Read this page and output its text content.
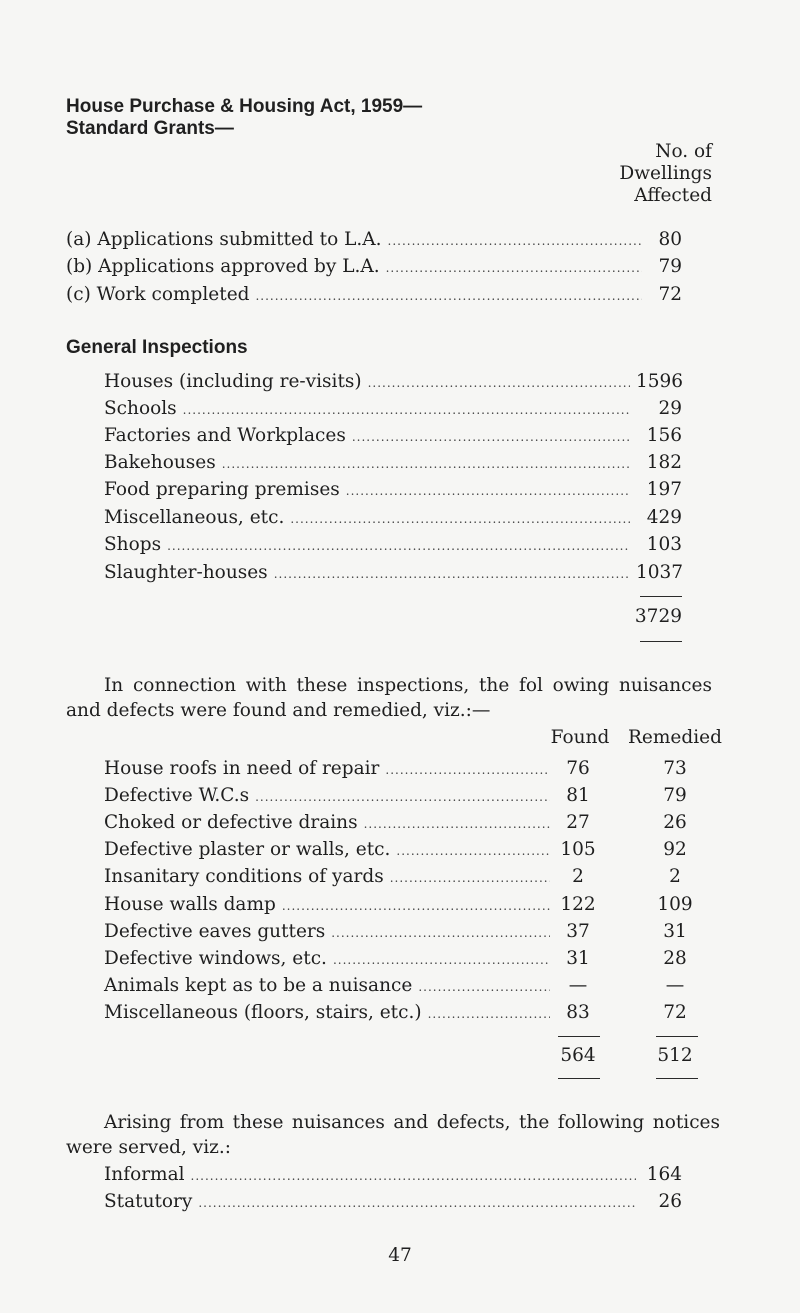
House Purchase & Housing Act, 1959—
Standard Grants—
No. of
Dwellings
Affected
(a) Applications submitted to L.A. .....	80
(b) Applications approved by L.A. .....	79
(c) Work completed .....	72
General Inspections
Houses (including re-visits) .....	1596
Schools .....	29
Factories and Workplaces .....	156
Bakehouses .....	182
Food preparing premises .....	197
Miscellaneous, etc. .....	429
Shops .....	103
Slaughter-houses .....	1037
3729
In connection with these inspections, the fol owing nuisances and defects were found and remedied, viz.:—
Found	Remedied
House roofs in need of repair .....	76	73
Defective W.C.s .....	81	79
Choked or defective drains .....	27	26
Defective plaster or walls, etc. .....	105	92
Insanitary conditions of yards .....	2	2
House walls damp .....	122	109
Defective eaves gutters .....	37	31
Defective windows, etc. .....	31	28
Animals kept as to be a nuisance .....	—	—
Miscellaneous (floors, stairs, etc.) .....	83	72
564	512
Arising from these nuisances and defects, the following notices were served, viz.:
Informal .....	164
Statutory .....	26
47
